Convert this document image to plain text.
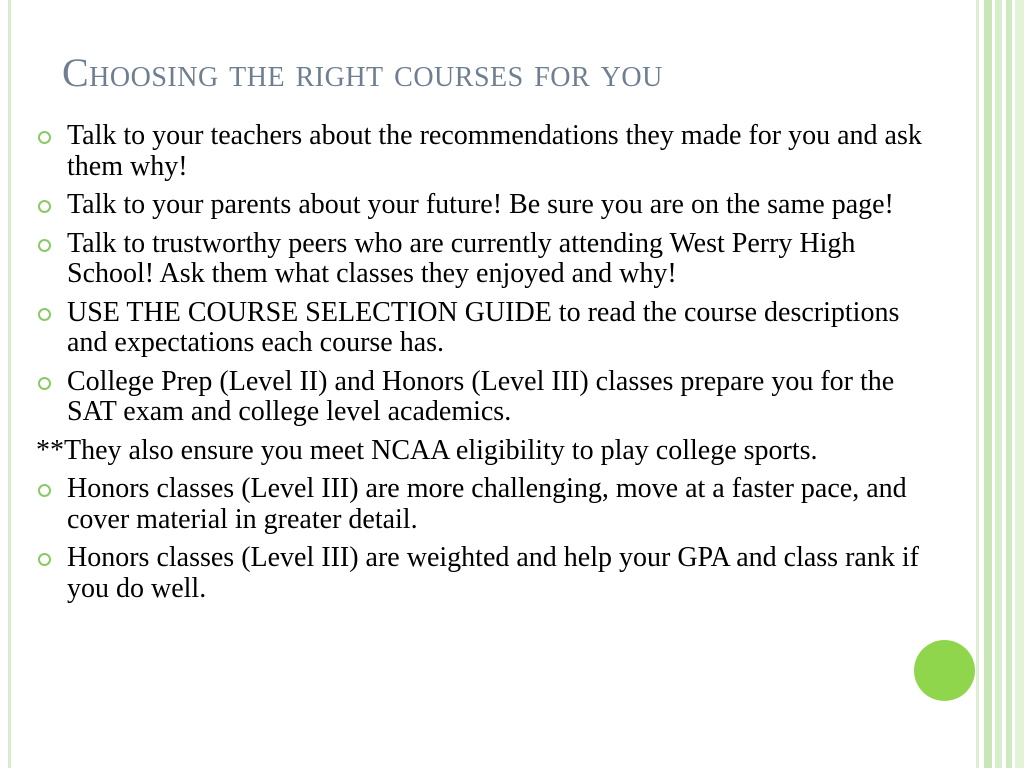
Choosing the right courses for you
Talk to your teachers about the recommendations they made for you and ask them why!
Talk to your parents about your future! Be sure you are on the same page!
Talk to trustworthy peers who are currently attending West Perry High School! Ask them what classes they enjoyed and why!
USE THE COURSE SELECTION GUIDE to read the course descriptions and expectations each course has.
College Prep (Level II) and Honors (Level III) classes prepare you for the SAT exam and college level academics.
**They also ensure you meet NCAA eligibility to play college sports.
Honors classes (Level III) are more challenging, move at a faster pace, and cover material in greater detail.
Honors classes (Level III) are weighted and help your GPA and class rank if you do well.
